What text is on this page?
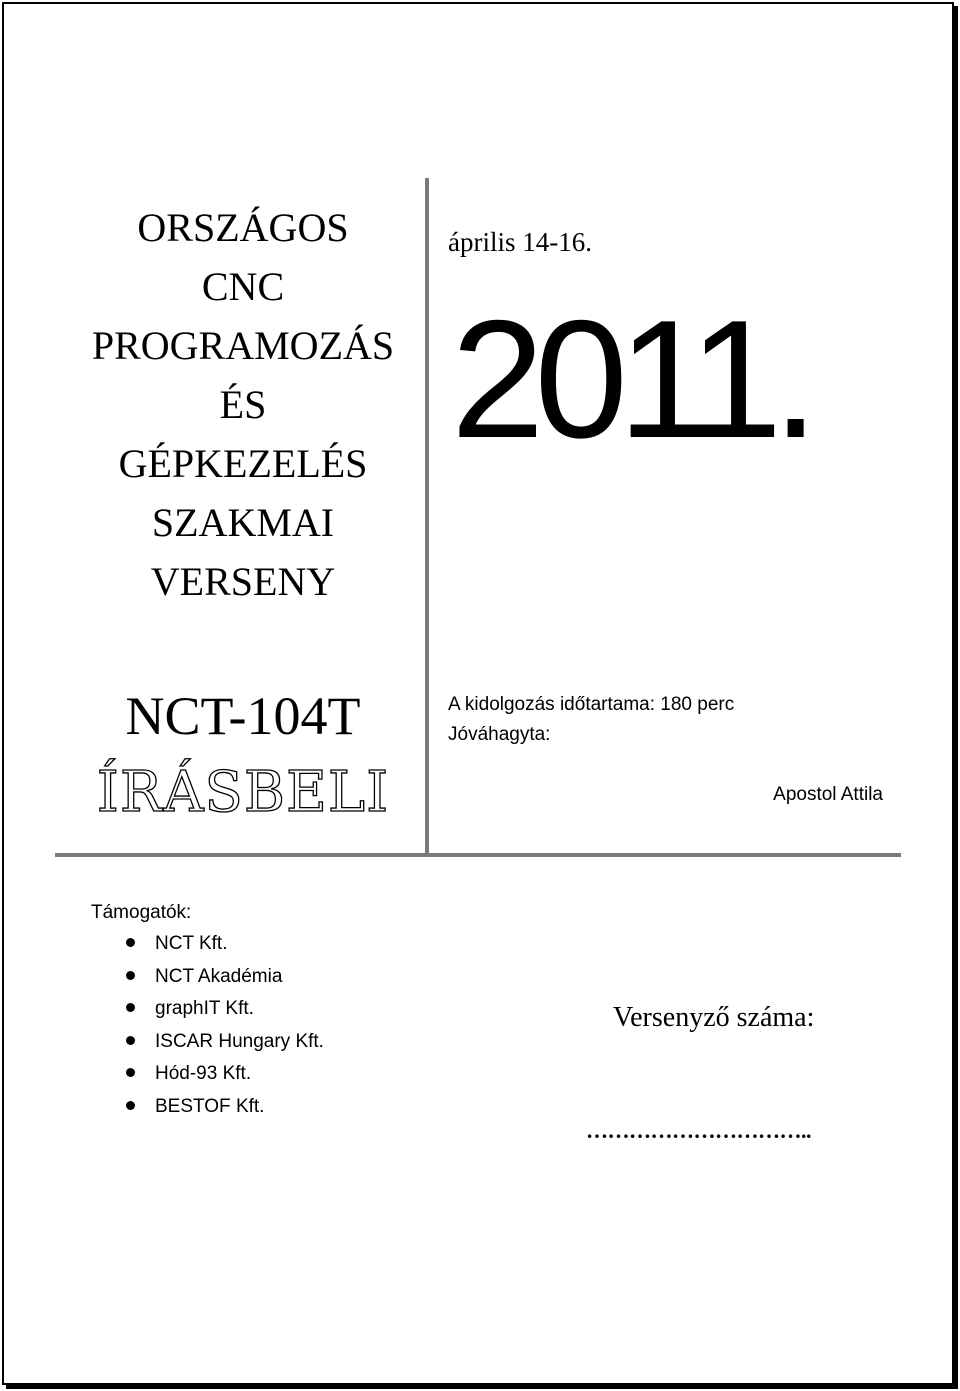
ORSZÁGOS
CNC
PROGRAMOZÁS
ÉS
GÉPKEZELÉS
SZAKMAI
VERSENY
április 14-16.
2011.
NCT-104T
ÍRÁSBELI
A kidolgozás időtartama: 180 perc
Jóváhagyta:
Apostol Attila
Támogatók:
NCT Kft.
NCT Akadémia
graphIT Kft.
ISCAR Hungary Kft.
Hód-93 Kft.
BESTOF Kft.
Versenyző száma:
…………………………..
